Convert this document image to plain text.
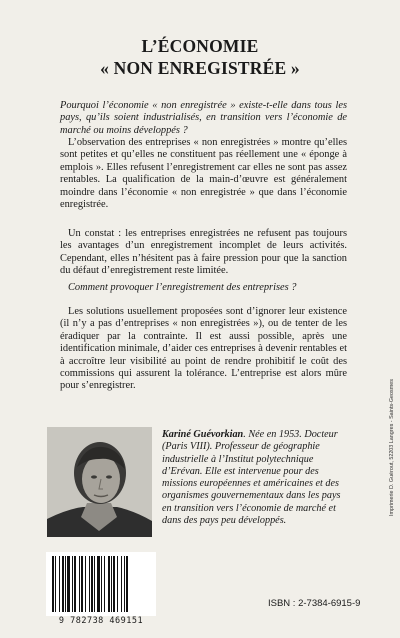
L’ÉCONOMIE
« NON ENREGISTRÉE »

Pourquoi l’économie « non enregistrée » existe-t-elle dans tous les pays, qu’ils soient industrialisés, en transition vers l’économie de marché ou moins développés ?

L’observation des entreprises « non enregistrées » montre qu’elles sont petites et qu’elles ne constituent pas réellement une « éponge à emplois ». Elles refusent l’enregistrement car elles ne sont pas assez rentables. La qualification de la main-d’œuvre est généralement moindre dans l’économie « non enregistrée » que dans l’économie enregistrée.

Un constat : les entreprises enregistrées ne refusent pas toujours les avantages d’un enregistrement incomplet de leurs activités. Cependant, elles n’hésitent pas à faire pression pour que la sanction du défaut d’enregistrement reste limitée.

Comment provoquer l’enregistrement des entreprises ?

Les solutions usuellement proposées sont d’ignorer leur existence (il n’y a pas d’entreprises « non enregistrées »), ou de tenter de les éradiquer par la contrainte. Il est aussi possible, après une identification minimale, d’aider ces entreprises à devenir rentables et à accroître leur visibilité au point de rendre prohibitif le coût des commissions qui assurent la tolérance. L’entreprise est alors mûre pour s’enregistrer.

Kariné Guévorkian. Née en 1953. Docteur (Paris VIII). Professeur de géographie industrielle à l’Institut polytechnique d’Erévan. Elle est intervenue pour des missions européennes et américaines et des organismes gouvernementaux dans les pays en transition vers l’économie de marché et dans des pays peu développés.

9 782738 469151
ISBN : 2-7384-6915-9
Imprimerie D. Guérout, 52203 Langres - Saints-Geosmes
